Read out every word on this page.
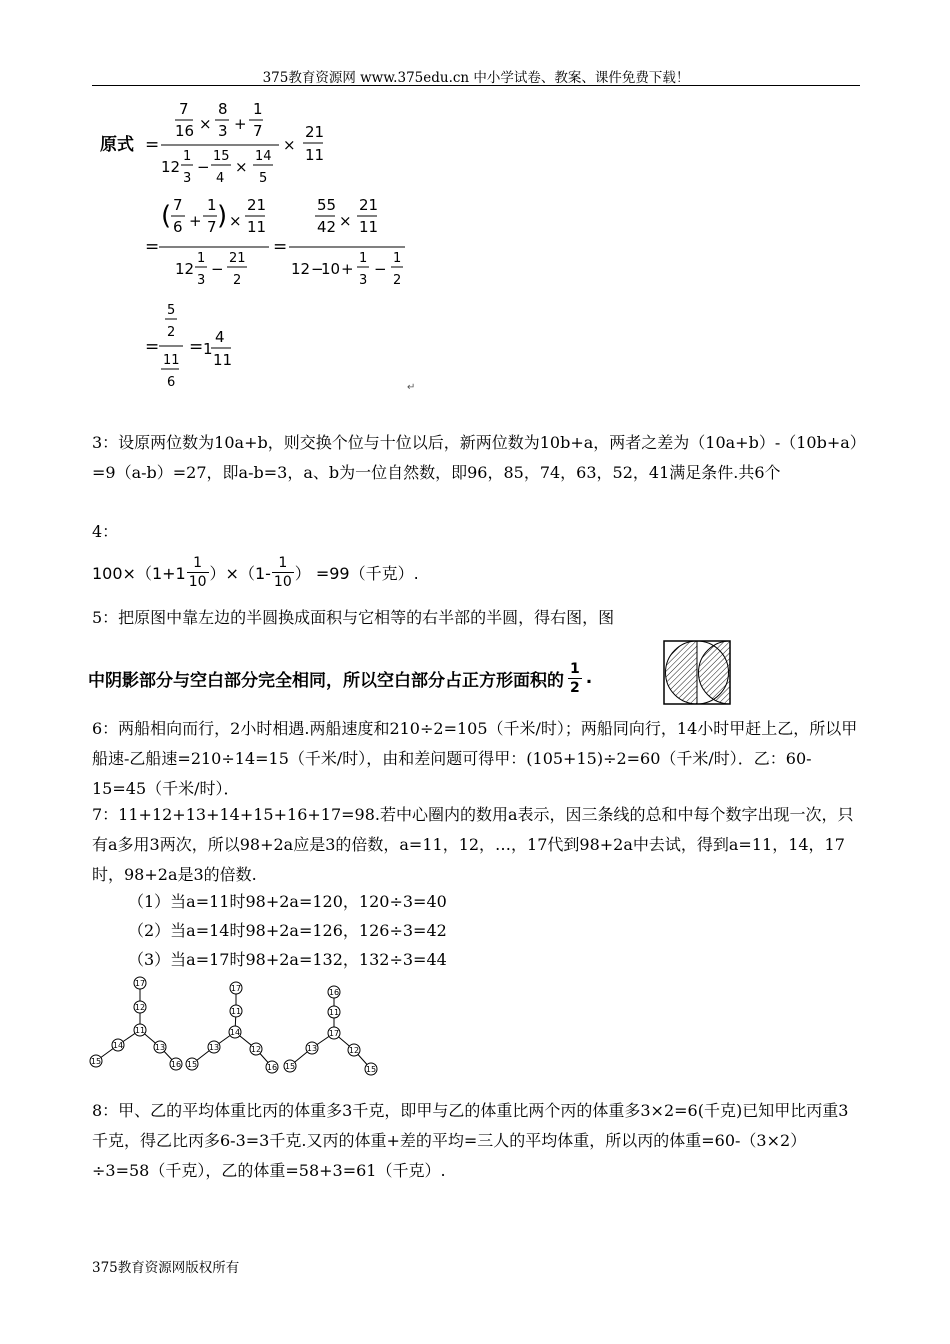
375教育资源网 www.375edu.cn 中小学试卷、教案、课件免费下载！
原式 =
7
16 ×
8
3 +
1
7
12
1
3
−
15
4
×
14
5
×
21
11
=
( 7
6 +
1
7 ) ×
21
11
12
1
3
−
21
2
=
55
42 ×
21
11
12 −
10 +
1
3
−
1
2
=
5
2
11
6
= 1
4
11
↵
3：设原两位数为10a+b，则交换个位与十位以后，新两位数为10b+a，两者之差为（10a+b）-（10b+a）=9（a-b）=27，即a-b=3，a、b为一位自然数，即96，85，74，63，52，41满足条件.共6个
4：
$100\times(1+1 \frac{1}{10} )\times(1- \frac{1}{10}$ ） =99（千克）.
5：把原图中靠左边的半圆换成面积与它相等的右半部的半圆，得右图，图
中阴影部分与空白部分完全相同，所以空白部分占正方形面积的 $\frac{1}{2}$ .
6：两船相向而行，2小时相遇.两船速度和210÷2=105（千米/时）；两船同向行，14小时甲赶上乙，所以甲船速-乙船速=210÷14=15（千米/时），由和差问题可得甲：(105+15)÷2=60（千米/时）．乙：60-15=45（千米/时）．
7：11+12+13+14+15+16+17=98.若中心圈内的数用a表示，因三条线的总和中每个数字出现一次，只有a多用3两次，所以98+2a应是3的倍数，a=11，12，…，17代到98+2a中去试，得到a=11，14，17时，98+2a是3的倍数.
（1）当a=11时98+2a=120，120÷3=40
（2）当a=14时98+2a=126，126÷3=42
（3）当a=17时98+2a=132，132÷3=44
17
12
11
14
15
13
16
17
11
14
13
15
12
16
16
11
17
13
15
12
15
8：甲、乙的平均体重比丙的体重多3千克，即甲与乙的体重比两个丙的体重多3×2=6(千克)已知甲比丙重3千克，得乙比丙多6-3=3千克.又丙的体重+差的平均=三人的平均体重，所以丙的体重=60-（3×2）÷3=58（千克），乙的体重=58+3=61（千克）.
375教育资源网版权所有
